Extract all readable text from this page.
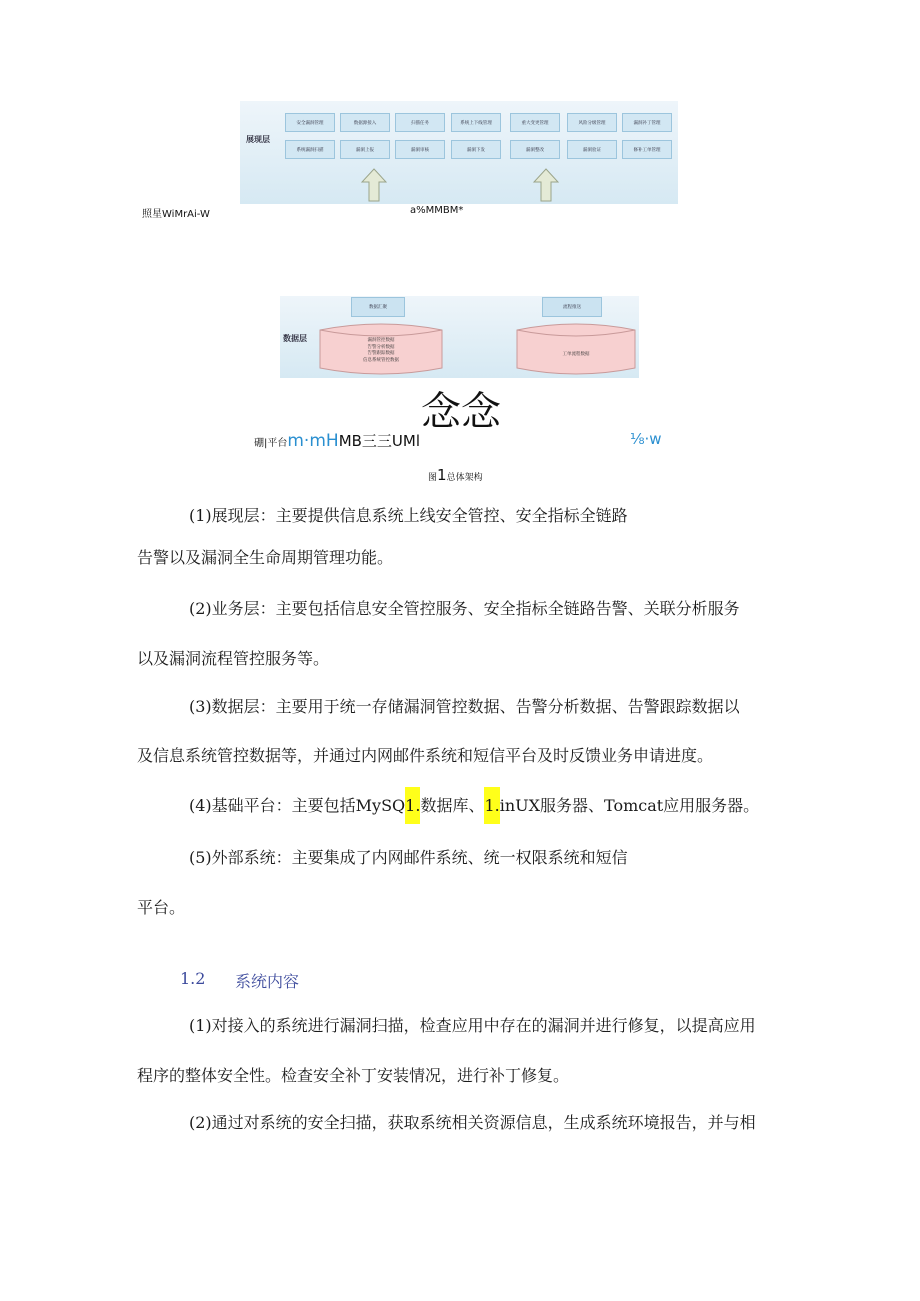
展现层
安全漏洞管理	数据源接入	扫描任务	系统上下线管理	重大变更管理	风险分级管理	漏洞补丁管理
系统漏洞扫描	漏洞上报	漏洞审核	漏洞下发	漏洞整改	漏洞验证	修补工单管理
照星WiMrAi-W	a%MMBM*
数据层
数据汇聚	流程推送
漏洞管控数据
告警分析数据
告警跟踪数据
信息系统管控数据
工单流程数据
念念
硼|平台m·mHMB三三UMl	⅛·w
图1总体架构
(1)展现层：主要提供信息系统上线安全管控、安全指标全链路
告警以及漏洞全生命周期管理功能。
(2)业务层：主要包括信息安全管控服务、安全指标全链路告警、关联分析服务
以及漏洞流程管控服务等。
(3)数据层：主要用于统一存储漏洞管控数据、告警分析数据、告警跟踪数据以
及信息系统管控数据等，并通过内网邮件系统和短信平台及时反馈业务申请进度。
(4)基础平台：主要包括MySQ1.数据库、1.inUX服务器、Tomcat应用服务器。
(5)外部系统：主要集成了内网邮件系统、统一权限系统和短信
平台。
1.2 系统内容
(1)对接入的系统进行漏洞扫描，检查应用中存在的漏洞并进行修复，以提高应用
程序的整体安全性。检查安全补丁安装情况，进行补丁修复。
(2)通过对系统的安全扫描，获取系统相关资源信息，生成系统环境报告，并与相
